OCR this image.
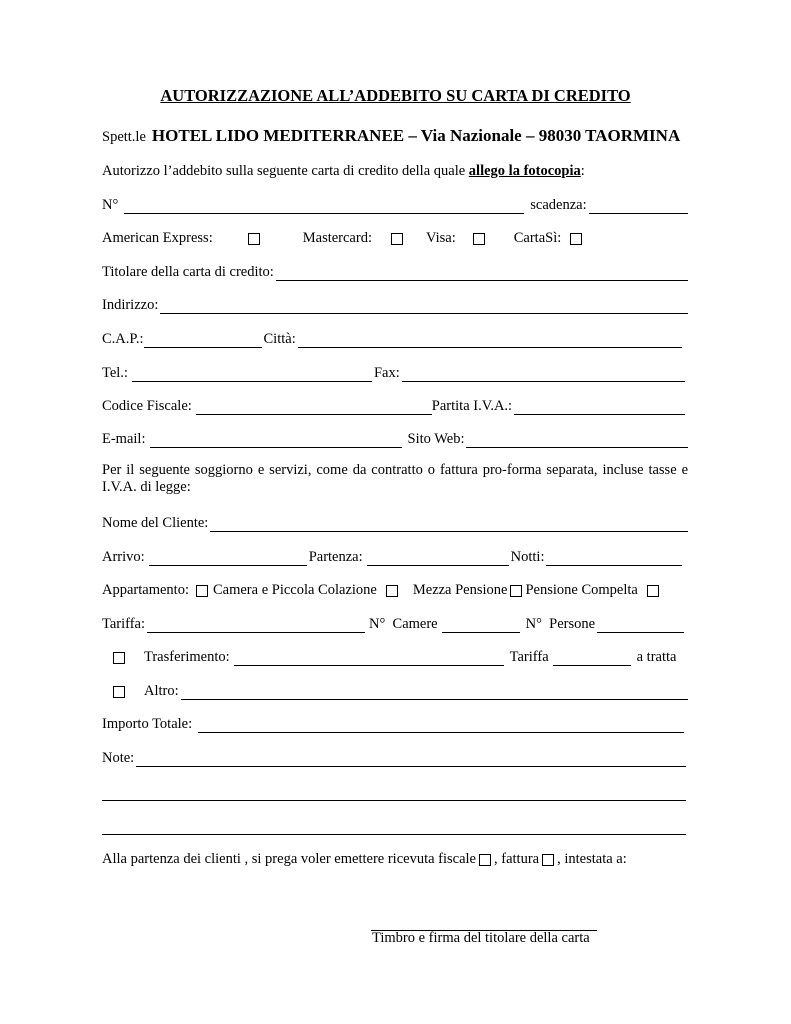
AUTORIZZAZIONE ALL’ADDEBITO SU CARTA DI CREDITO
Spett.le HOTEL LIDO MEDITERRANEE – Via Nazionale – 98030 TAORMINA
Autorizzo l’addebito sulla seguente carta di credito della quale allego la fotocopia :
N°	scadenza:
American Express:	Mastercard:	Visa:	CartaSì:
Titolare della carta di credito:
Indirizzo:
C.A.P.:	Città:
Tel.:	Fax:
Codice Fiscale:	Partita I.V.A.:
E-mail:	Sito Web:
Per il seguente soggiorno e servizi, come da contratto o fattura pro-forma separata, incluse tasse e I.V.A. di legge:
Nome del Cliente:
Arrivo:	Partenza:	Notti:
Appartamento: Camera e Piccola Colazione Mezza Pensione Pensione Compelta
Tariffa:	N°  Camere	N°  Persone
Trasferimento:	Tariffa	a tratta
Altro:
Importo Totale:
Note:
Alla partenza dei clienti , si prega voler emettere ricevuta fiscale , fattura , intestata a:
Timbro e firma del titolare della carta
